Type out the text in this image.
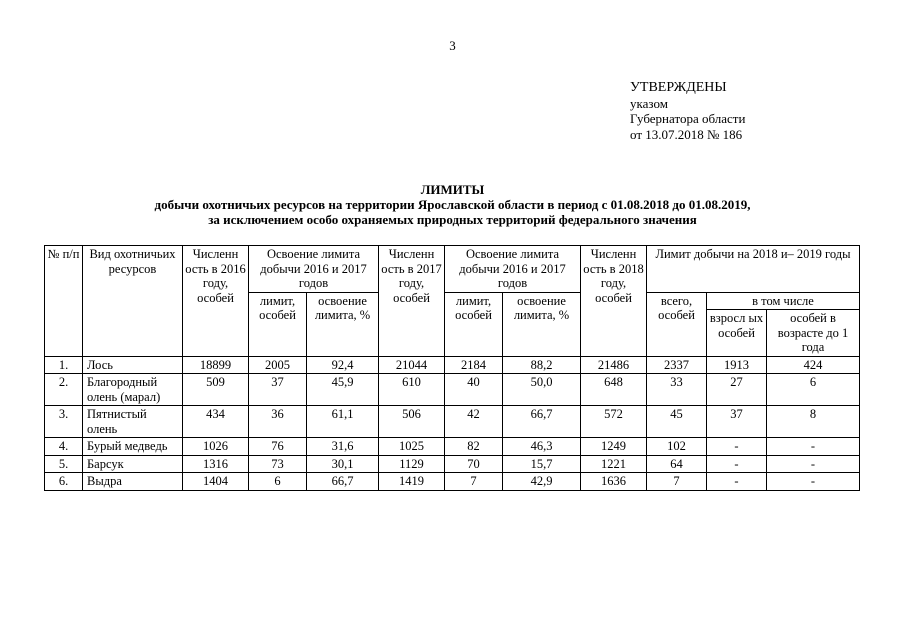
3
УТВЕРЖДЕНЫ
указом
Губернатора области
от 13.07.2018 № 186
ЛИМИТЫ
добычи охотничьих ресурсов на территории Ярославской области в период с 01.08.2018 до 01.08.2019,
за исключением особо охраняемых природных территорий федерального значения
№ п/п	Вид охотничьих ресурсов	Численн ость в 2016 году, особей	Освоение лимита добычи 2016 и 2017 годов		Численн ость в 2017 году, особей	Освоение лимита добычи 2016 и 2017 годов		Численн ость в 2018 году, особей	Лимит добычи на 2018 и– 2019 годы		
			лимит, особей	освоение лимита, %		лимит, особей	освоение лимита, %		всего, особей	в том числе	
										взросл ых особей	особей в возрасте до 1 года
1.	Лось	18899	2005	92,4	21044	2184	88,2	21486	2337	1913	424
2.	Благородный олень (марал)	509	37	45,9	610	40	50,0	648	33	27	6
3.	Пятнистый олень	434	36	61,1	506	42	66,7	572	45	37	8
4.	Бурый медведь	1026	76	31,6	1025	82	46,3	1249	102	-	-
5.	Барсук	1316	73	30,1	1129	70	15,7	1221	64	-	-
6.	Выдра	1404	6	66,7	1419	7	42,9	1636	7	-	-
